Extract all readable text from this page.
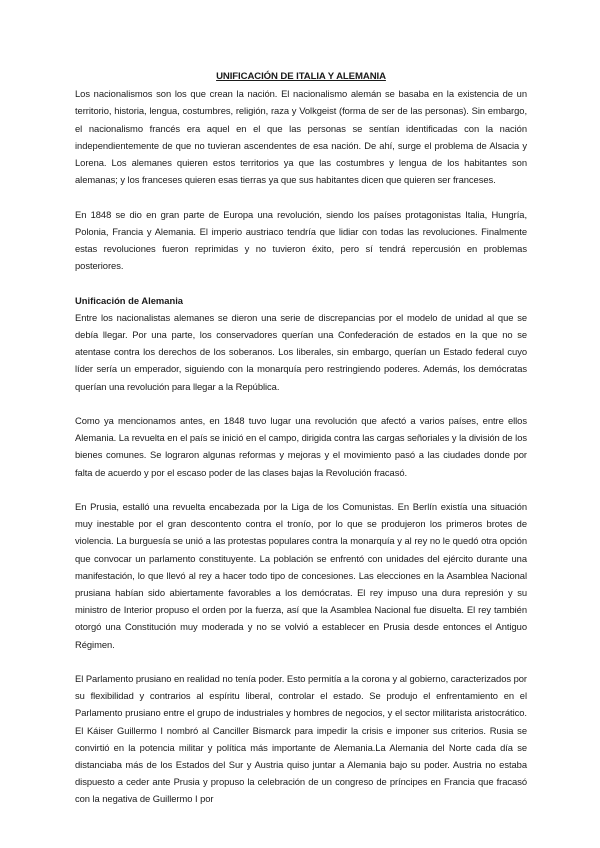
UNIFICACIÓN DE ITALIA Y ALEMANIA

Los nacionalismos son los que crean la nación. El nacionalismo alemán se basaba en la existencia de un territorio, historia, lengua, costumbres, religión, raza y Volkgeist (forma de ser de las personas). Sin embargo, el nacionalismo francés era aquel en el que las personas se sentían identificadas con la nación independientemente de que no tuvieran ascendentes de esa nación. De ahí, surge el problema de Alsacia y Lorena. Los alemanes quieren estos territorios ya que las costumbres y lengua de los habitantes son alemanas; y los franceses quieren esas tierras ya que sus habitantes dicen que quieren ser franceses.

En 1848 se dio en gran parte de Europa una revolución, siendo los países protagonistas Italia, Hungría, Polonia, Francia y Alemania. El imperio austriaco tendría que lidiar con todas las revoluciones. Finalmente estas revoluciones fueron reprimidas y no tuvieron éxito, pero sí tendrá repercusión en problemas posteriores.

Unificación de Alemania

Entre los nacionalistas alemanes se dieron una serie de discrepancias por el modelo de unidad al que se debía llegar. Por una parte, los conservadores querían una Confederación de estados en la que no se atentase contra los derechos de los soberanos. Los liberales, sin embargo, querían un Estado federal cuyo líder sería un emperador, siguiendo con la monarquía pero restringiendo poderes. Además, los demócratas querían una revolución para llegar a la República.

Como ya mencionamos antes, en 1848 tuvo lugar una revolución que afectó a varios países, entre ellos Alemania. La revuelta en el país se inició en el campo, dirigida contra las cargas señoriales y la división de los bienes comunes. Se lograron algunas reformas y mejoras y el movimiento pasó a las ciudades donde por falta de acuerdo y por el escaso poder de las clases bajas la Revolución fracasó.

En Prusia, estalló una revuelta encabezada por la Liga de los Comunistas. En Berlín existía una situación muy inestable por el gran descontento contra el tronío, por lo que se produjeron los primeros brotes de violencia. La burguesía se unió a las protestas populares contra la monarquía y al rey no le quedó otra opción que convocar un parlamento constituyente. La población se enfrentó con unidades del ejército durante una manifestación, lo que llevó al rey a hacer todo tipo de concesiones. Las elecciones en la Asamblea Nacional prusiana habían sido abiertamente favorables a los demócratas. El rey impuso una dura represión y su ministro de Interior propuso el orden por la fuerza, así que la Asamblea Nacional fue disuelta. El rey también otorgó una Constitución muy moderada y no se volvió a establecer en Prusia desde entonces el Antiguo Régimen.

El Parlamento prusiano en realidad no tenía poder. Esto permitía a la corona y al gobierno, caracterizados por su flexibilidad y contrarios al espíritu liberal, controlar el estado. Se produjo el enfrentamiento en el Parlamento prusiano entre el grupo de industriales y hombres de negocios, y el sector militarista aristocrático. El Káiser Guillermo I nombró al Canciller Bismarck para impedir la crisis e imponer sus criterios. Rusia se convirtió en la potencia militar y política más importante de Alemania.La Alemania del Norte cada día se distanciaba más de los Estados del Sur y Austria quiso juntar a Alemania bajo su poder. Austria no estaba dispuesto a ceder ante Prusia y propuso la celebración de un congreso de príncipes en Francia que fracasó con la negativa de Guillermo I por
